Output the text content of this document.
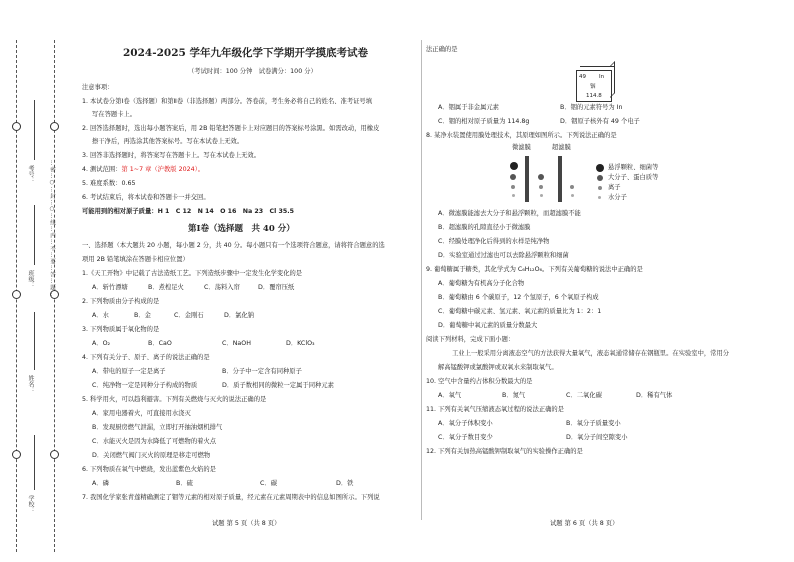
…密…○…封…○…线…内…不…要…答…题…
学校：
姓名：
班级：
考号：
2024-2025 学年九年级化学下学期开学摸底考试卷
（考试时间：100 分钟　试卷满分：100 分）
注意事项：
1. 本试卷分第Ⅰ卷（选择题）和第Ⅱ卷（非选择题）两部分。答卷前，考生务必将自己的姓名、准考证号填
写在答题卡上。
2. 回答选择题时，选出每小题答案后，用 2B 铅笔把答题卡上对应题目的答案标号涂黑。如需改动，用橡皮
擦干净后，再选涂其他答案标号。写在本试卷上无效。
3. 回答非选择题时，将答案写在答题卡上。写在本试卷上无效。
4. 测试范围：第 1~7 章（沪教版 2024）。
5. 难度系数：0.65
6. 考试结束后，将本试卷和答题卡一并交回。
可能用到的相对原子质量：H 1　C 12　N 14　O 16　Na 23　Cl 35.5
第Ⅰ卷（选择题　共 40 分）
一、选择题（本大题共 20 小题，每小题 2 分，共 40 分。每小题只有一个选项符合题意，请将符合题意的选
项用 2B 铅笔填涂在答题卡相应位置）
1.《天工开物》中记载了古法造纸工艺。下列造纸步骤中一定发生化学变化的是
A．斩竹漂塘	B．煮楻足火	C．荡料入帘	D．覆帘压纸
2. 下列物质由分子构成的是
A．水	B．金	C．金刚石	D．氯化钠
3. 下列物质属于氧化物的是
A．O₂	B．CaO	C．NaOH	D．KClO₃
4. 下列有关分子、原子、离子的说法正确的是
A．带电的原子一定是离子	B．分子中一定含有同种原子
C．纯净物一定是同种分子构成的物质	D．质子数相同的微粒一定属于同种元素
5. 科学用火，可以趋利避害。下列有关燃烧与灭火的说法正确的是
A．家用电器着火，可直接用水浇灭
B．发现厨房燃气泄漏，立即打开抽油烟机排气
C．水能灭火是因为水降低了可燃物的着火点
D．关闭燃气阀门灭火的原理是移走可燃物
6. 下列物质在氧气中燃烧，发出蓝紫色火焰的是
A．磷	B．硫	C．碳	D．铁
7. 我国化学家张青莲精确测定了铟等元素的相对原子质量，经元素在元素周期表中的信息如图所示。下列说
试题 第 5 页（共 8 页）
法正确的是
49 In
铟
114.8
A．铟属于非金属元素	B．铟的元素符号为 In
C．铟的相对原子质量为 114.8g	D．铟原子核外有 49 个电子
8. 某净水装置使用膜处理技术，其原理如图所示。下列说法正确的是
微滤膜	超滤膜
悬浮颗粒、细菌等
大分子、蛋白质等
离子
水分子
A．微滤膜能滤去大分子和悬浮颗粒，而超滤膜不能
B．超滤膜的孔隙直径小于微滤膜
C．经膜处理净化后得到的水样是纯净物
D．实验室通过过滤也可以去除悬浮颗粒和细菌
9. 葡萄糖属于糖类，其化学式为 C₆H₁₂O₆。下列有关葡萄糖的说法中正确的是
A．葡萄糖为有机高分子化合物
B．葡萄糖由 6 个碳原子，12 个氢原子，6 个氧原子构成
C．葡萄糖中碳元素、氢元素、氧元素的质量比为 1：2：1
D．葡萄糖中氧元素的质量分数最大
阅读下列材料，完成下面小题：
工业上一般采用分离液态空气的方法获得大量氧气，液态氧通常储存在钢瓶里。在实验室中，常用分
解高锰酸钾或氯酸钾或双氧水来制取氧气。
10. 空气中含量约占体积分数最大的是
A．氧气	B．氮气	C．二氧化碳	D．稀有气体
11. 下列有关氧气压缩液态氧过程的说法正确的是
A．氧分子体积变小	B．氧分子质量变小
C．氧分子数目变少	D．氧分子间空隙变小
12. 下列有关加热高锰酸钾制取氧气的实验操作正确的是
试题 第 6 页（共 8 页）
